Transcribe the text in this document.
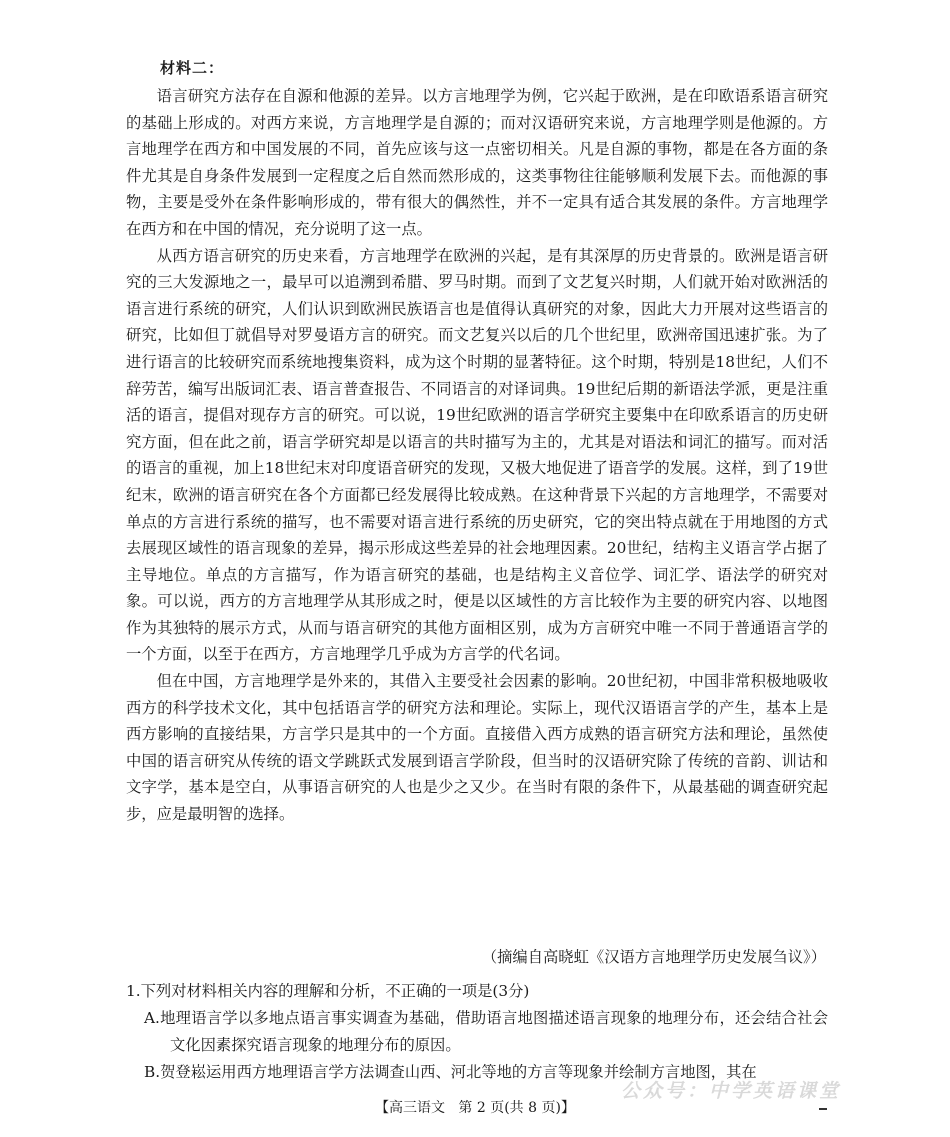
材料二：

语言研究方法存在自源和他源的差异。以方言地理学为例，它兴起于欧洲，是在印欧语系语言研究的基础上形成的。对西方来说，方言地理学是自源的；而对汉语研究来说，方言地理学则是他源的。方言地理学在西方和中国发展的不同，首先应该与这一点密切相关。凡是自源的事物，都是在各方面的条件尤其是自身条件发展到一定程度之后自然而然形成的，这类事物往往能够顺利发展下去。而他源的事物，主要是受外在条件影响形成的，带有很大的偶然性，并不一定具有适合其发展的条件。方言地理学在西方和在中国的情况，充分说明了这一点。

从西方语言研究的历史来看，方言地理学在欧洲的兴起，是有其深厚的历史背景的。欧洲是语言研究的三大发源地之一，最早可以追溯到希腊、罗马时期。而到了文艺复兴时期，人们就开始对欧洲活的语言进行系统的研究，人们认识到欧洲民族语言也是值得认真研究的对象，因此大力开展对这些语言的研究，比如但丁就倡导对罗曼语方言的研究。而文艺复兴以后的几个世纪里，欧洲帝国迅速扩张。为了进行语言的比较研究而系统地搜集资料，成为这个时期的显著特征。这个时期，特别是18世纪，人们不辞劳苦，编写出版词汇表、语言普查报告、不同语言的对译词典。19世纪后期的新语法学派，更是注重活的语言，提倡对现存方言的研究。可以说，19世纪欧洲的语言学研究主要集中在印欧系语言的历史研究方面，但在此之前，语言学研究却是以语言的共时描写为主的，尤其是对语法和词汇的描写。而对活的语言的重视，加上18世纪末对印度语音研究的发现，又极大地促进了语音学的发展。这样，到了19世纪末，欧洲的语言研究在各个方面都已经发展得比较成熟。在这种背景下兴起的方言地理学，不需要对单点的方言进行系统的描写，也不需要对语言进行系统的历史研究，它的突出特点就在于用地图的方式去展现区域性的语言现象的差异，揭示形成这些差异的社会地理因素。20世纪，结构主义语言学占据了主导地位。单点的方言描写，作为语言研究的基础，也是结构主义音位学、词汇学、语法学的研究对象。可以说，西方的方言地理学从其形成之时，便是以区域性的方言比较作为主要的研究内容、以地图作为其独特的展示方式，从而与语言研究的其他方面相区别，成为方言研究中唯一不同于普通语言学的一个方面，以至于在西方，方言地理学几乎成为方言学的代名词。

但在中国，方言地理学是外来的，其借入主要受社会因素的影响。20世纪初，中国非常积极地吸收西方的科学技术文化，其中包括语言学的研究方法和理论。实际上，现代汉语语言学的产生，基本上是西方影响的直接结果，方言学只是其中的一个方面。直接借入西方成熟的语言研究方法和理论，虽然使中国的语言研究从传统的语文学跳跃式发展到语言学阶段，但当时的汉语研究除了传统的音韵、训诂和文字学，基本是空白，从事语言研究的人也是少之又少。在当时有限的条件下，从最基础的调查研究起步，应是最明智的选择。

（摘编自高晓虹《汉语方言地理学历史发展刍议》）

1.下列对材料相关内容的理解和分析，不正确的一项是(3分)

A.地理语言学以多地点语言事实调查为基础，借助语言地图描述语言现象的地理分布，还会结合社会文化因素探究语言现象的地理分布的原因。

B.贺登崧运用西方地理语言学方法调查山西、河北等地的方言等现象并绘制方言地图，其在

【高三语文 第 2 页(共 8 页)】
公众号：中学英语课堂
